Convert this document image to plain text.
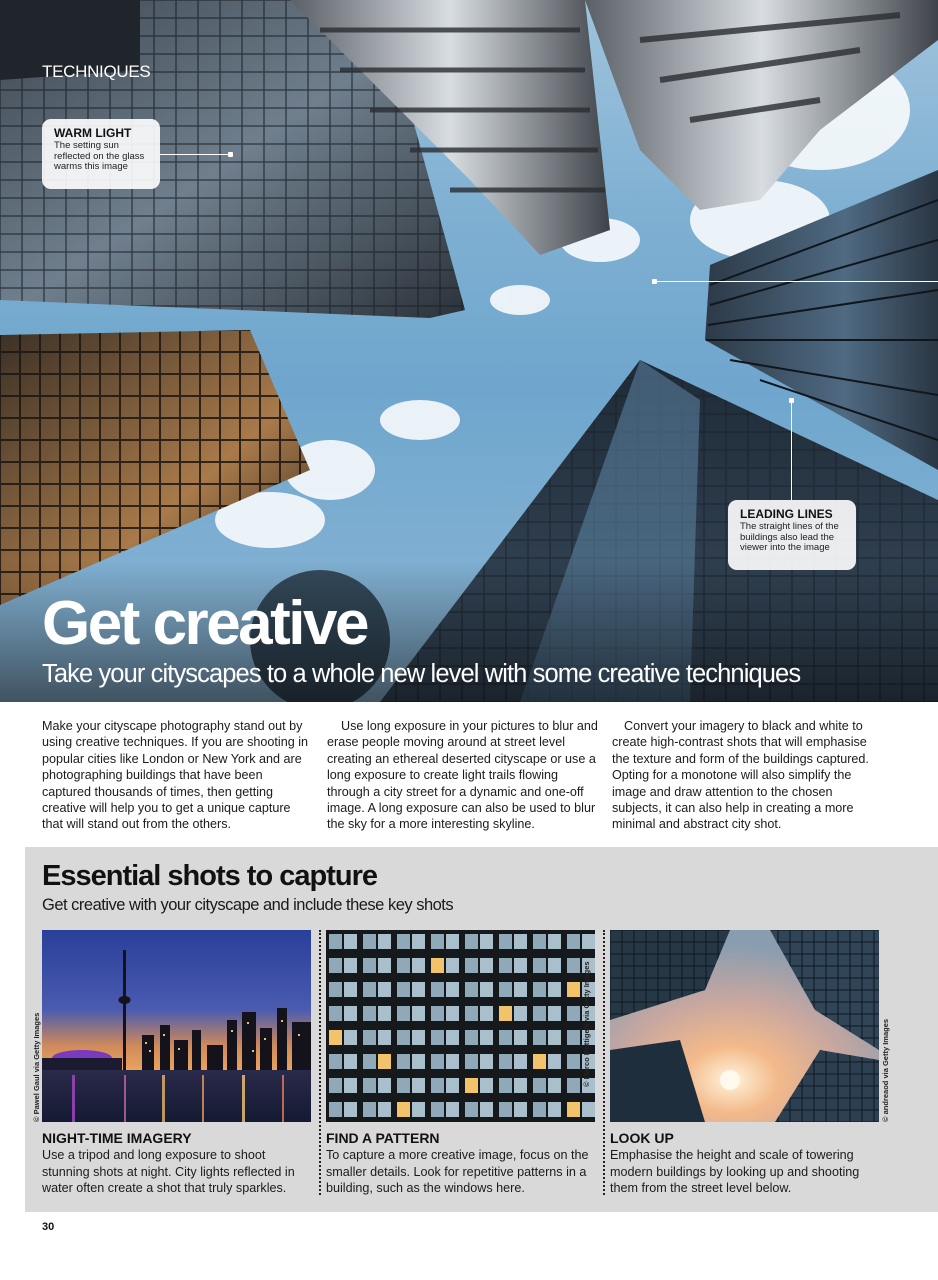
TECHNIQUES
WARM LIGHT
The setting sun reflected on the glass warms this image
LEADING LINES
The straight lines of the buildings also lead the viewer into the image
Get creative
Take your cityscapes to a whole new level with some creative techniques

Make your cityscape photography stand out by using creative techniques. If you are shooting in popular cities like London or New York and are photographing buildings that have been captured thousands of times, then getting creative will help you to get a unique capture that will stand out from the others.

Use long exposure in your pictures to blur and erase people moving around at street level creating an ethereal deserted cityscape or use a long exposure to create light trails flowing through a city street for a dynamic and one-off image. A long exposure can also be used to blur the sky for a more interesting skyline.

Convert your imagery to black and white to create high-contrast shots that will emphasise the texture and form of the buildings captured. Opting for a monotone will also simplify the image and draw attention to the chosen subjects, it can also help in creating a more minimal and abstract city shot.

Essential shots to capture
Get creative with your cityscape and include these key shots
NIGHT-TIME IMAGERY
Use a tripod and long exposure to shoot stunning shots at night. City lights reflected in water often create a shot that truly sparkles.
FIND A PATTERN
To capture a more creative image, focus on the smaller details. Look for repetitive patterns in a building, such as the windows here.
LOOK UP
Emphasise the height and scale of towering modern buildings by looking up and shooting them from the street level below.
© Pawel Gaul via Getty Images	© Marco Bottigelli via Getty Images	© andreaod via Getty Images
30
